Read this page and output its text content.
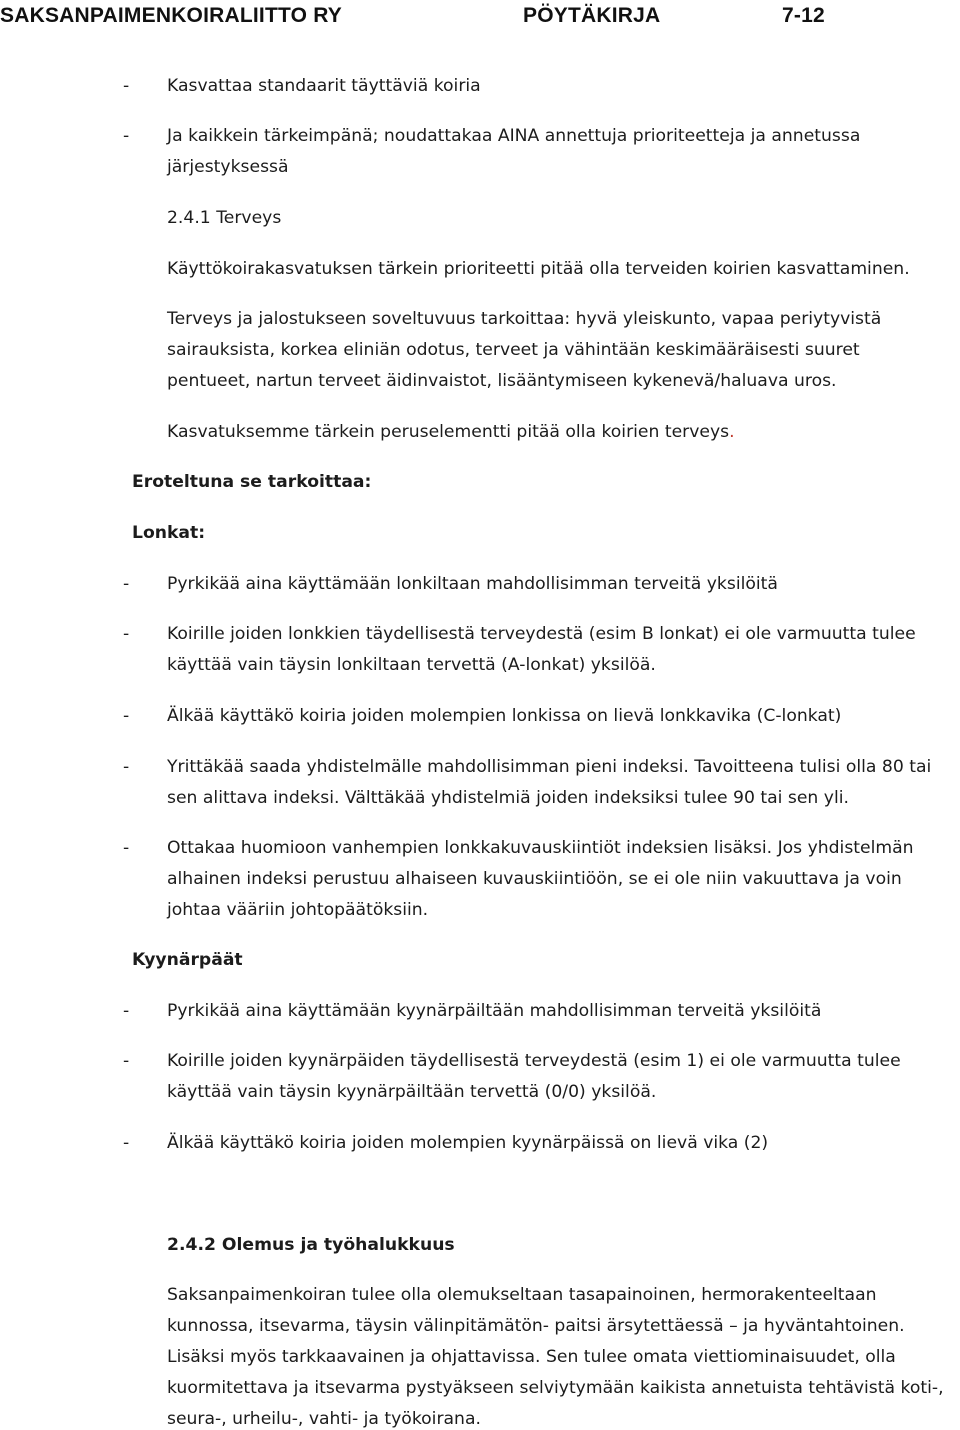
SAKSANPAIMENKOIRALIITTO RY	PÖYTÄKIRJA	7-12
- Kasvattaa standaarit täyttäviä koiria
- Ja kaikkein tärkeimpänä; noudattakaa AINA annettuja prioriteetteja ja annetussa
järjestyksessä
2.4.1 Terveys
Käyttökoirakasvatuksen tärkein prioriteetti pitää olla terveiden koirien kasvattaminen.
Terveys ja jalostukseen soveltuvuus tarkoittaa: hyvä yleiskunto, vapaa periytyvistä
sairauksista, korkea eliniän odotus, terveet ja vähintään keskimääräisesti suuret
pentueet, nartun terveet äidinvaistot, lisääntymiseen kykenevä/haluava uros.
Kasvatuksemme tärkein peruselementti pitää olla koirien terveys.
Eroteltuna se tarkoittaa:
Lonkat:
- Pyrkikää aina käyttämään lonkiltaan mahdollisimman terveitä yksilöitä
- Koirille joiden lonkkien täydellisestä terveydestä (esim B lonkat) ei ole varmuutta tulee
käyttää vain täysin lonkiltaan tervettä (A-lonkat) yksilöä.
- Älkää käyttäkö koiria joiden molempien lonkissa on lievä lonkkavika (C-lonkat)
- Yrittäkää saada yhdistelmälle mahdollisimman pieni indeksi. Tavoitteena tulisi olla 80 tai
sen alittava indeksi. Välttäkää yhdistelmiä joiden indeksiksi tulee 90 tai sen yli.
- Ottakaa huomioon vanhempien lonkkakuvauskiintiöt indeksien lisäksi. Jos yhdistelmän
alhainen indeksi perustuu alhaiseen kuvauskiintiöön, se ei ole niin vakuuttava ja voin
johtaa vääriin johtopäätöksiin.
Kyynärpäät
- Pyrkikää aina käyttämään kyynärpäiltään mahdollisimman terveitä yksilöitä
- Koirille joiden kyynärpäiden täydellisestä terveydestä (esim 1) ei ole varmuutta tulee
käyttää vain täysin kyynärpäiltään tervettä (0/0) yksilöä.
- Älkää käyttäkö koiria joiden molempien kyynärpäissä on lievä vika (2)
2.4.2 Olemus ja työhalukkuus
Saksanpaimenkoiran tulee olla olemukseltaan tasapainoinen, hermorakenteeltaan
kunnossa, itsevarma, täysin välinpitämätön- paitsi ärsytettäessä – ja hyväntahtoinen.
Lisäksi myös tarkkaavainen ja ohjattavissa. Sen tulee omata viettiominaisuudet, olla
kuormitettava ja itsevarma pystyäkseen selviytymään kaikista annetuista tehtävistä koti-,
seura-, urheilu-, vahti- ja työkoirana.
